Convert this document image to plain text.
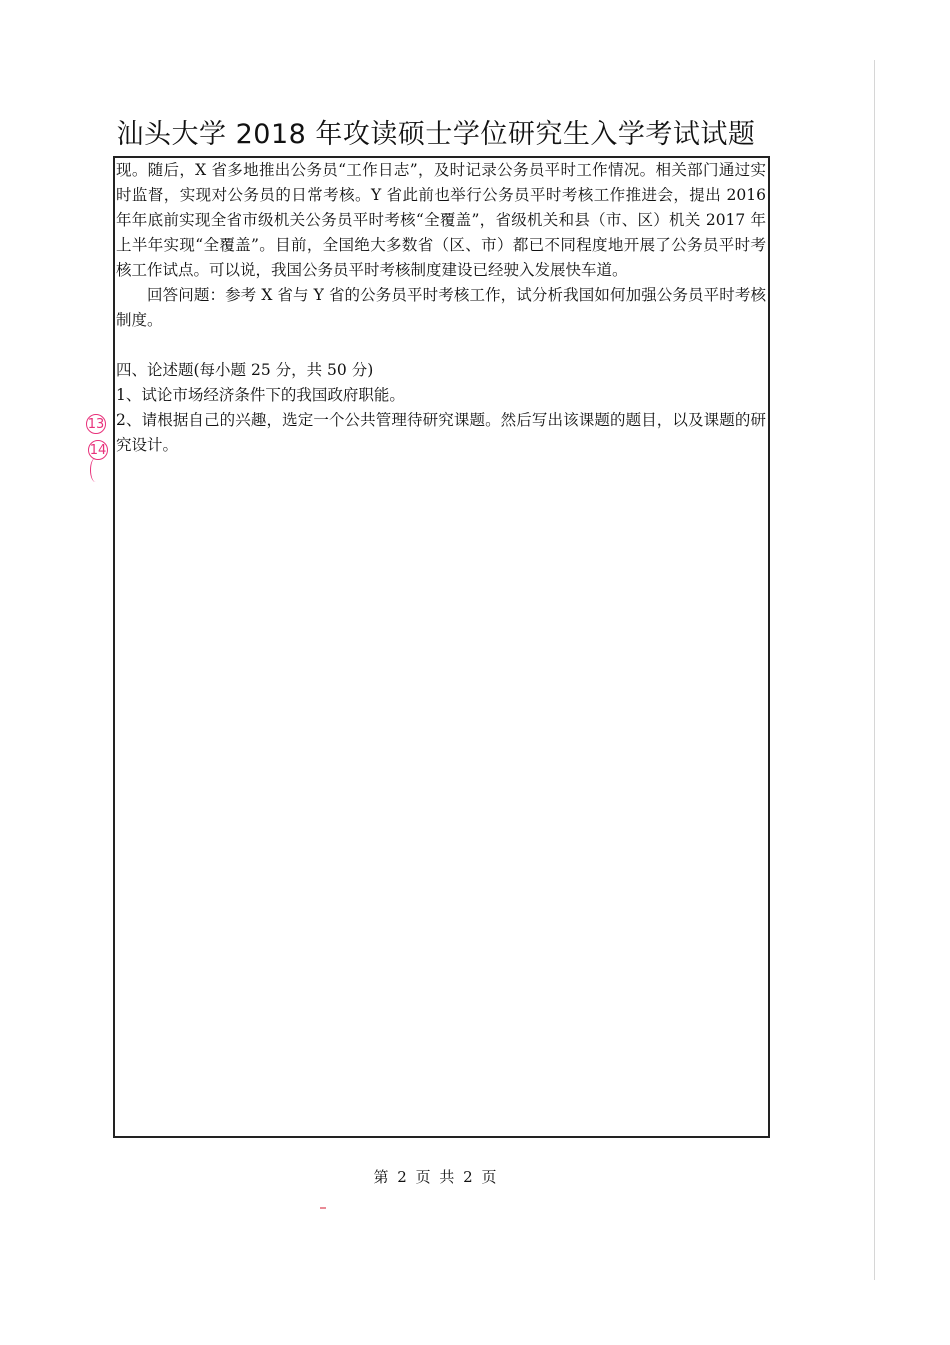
汕头大学 2018 年攻读硕士学位研究生入学考试试题

现。随后，X 省多地推出公务员“工作日志”，及时记录公务员平时工作情况。相关部门通过实时监督，实现对公务员的日常考核。Y 省此前也举行公务员平时考核工作推进会，提出 2016 年年底前实现全省市级机关公务员平时考核“全覆盖”，省级机关和县（市、区）机关 2017 年上半年实现“全覆盖”。目前，全国绝大多数省（区、市）都已不同程度地开展了公务员平时考核工作试点。可以说，我国公务员平时考核制度建设已经驶入发展快车道。

回答问题：参考 X 省与 Y 省的公务员平时考核工作，试分析我国如何加强公务员平时考核制度。

四、论述题(每小题 25 分，共 50 分)

1、试论市场经济条件下的我国政府职能。

2、请根据自己的兴趣，选定一个公共管理待研究课题。然后写出该课题的题目，以及课题的研究设计。

13
14
第 2 页 共 2 页
